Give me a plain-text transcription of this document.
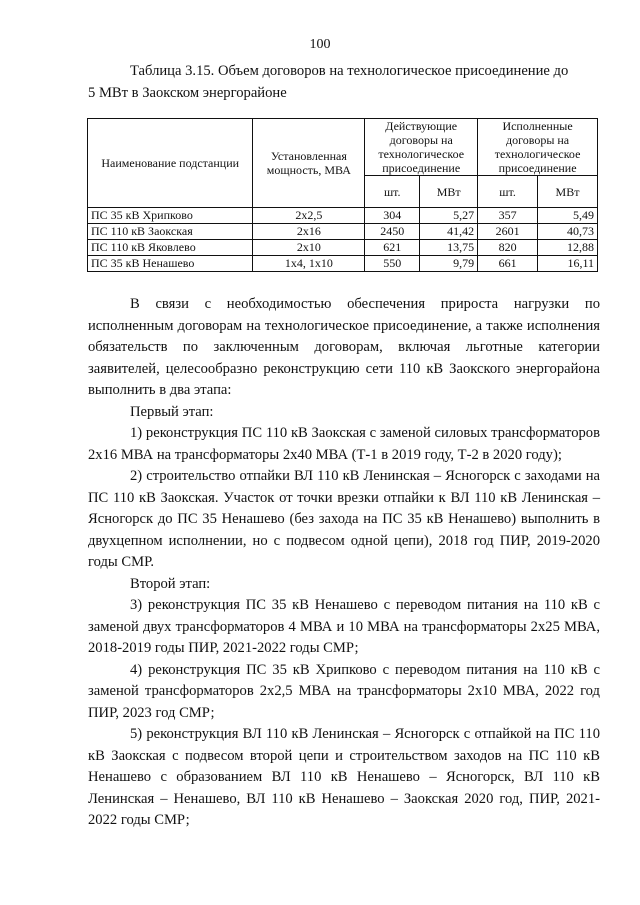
100
Таблица 3.15. Объем договоров на технологическое присоединение до
5 МВт в Заокском энергорайоне
Наименование подстанции	Установленная мощность, МВА	Действующие договоры на технологическое присоединение		Исполненные договоры на технологическое присоединение	
		шт.	МВт	шт.	МВт
ПС 35 кВ Хрипково	2х2,5	304	5,27	357	5,49
ПС 110 кВ Заокская	2х16	2450	41,42	2601	40,73
ПС 110 кВ Яковлево	2х10	621	13,75	820	12,88
ПС 35 кВ Ненашево	1х4, 1х10	550	9,79	661	16,11

В связи с необходимостью обеспечения прироста нагрузки по исполненным договорам на технологическое присоединение, а также исполнения обязательств по заключенным договорам, включая льготные категории заявителей, целесообразно реконструкцию сети 110 кВ Заокского энергорайона выполнить в два этапа:

Первый этап:

1) реконструкция ПС 110 кВ Заокская с заменой силовых трансформаторов 2х16 МВА на трансформаторы 2х40 МВА (Т-1 в 2019 году, Т-2 в 2020 году);

2) строительство отпайки ВЛ 110 кВ Ленинская – Ясногорск с заходами на ПС 110 кВ Заокская. Участок от точки врезки отпайки к ВЛ 110 кВ Ленинская – Ясногорск до ПС 35 Ненашево (без захода на ПС 35 кВ Ненашево) выполнить в двухцепном исполнении, но с подвесом одной цепи), 2018 год ПИР, 2019-2020 годы СМР.

Второй этап:

3) реконструкция ПС 35 кВ Ненашево с переводом питания на 110 кВ с заменой двух трансформаторов 4 МВА и 10 МВА на трансформаторы 2х25 МВА, 2018-2019 годы ПИР, 2021-2022 годы СМР;

4) реконструкция ПС 35 кВ Хрипково с переводом питания на 110 кВ с заменой трансформаторов 2х2,5 МВА на трансформаторы 2х10 МВА, 2022 год ПИР, 2023 год СМР;

5) реконструкция ВЛ 110 кВ Ленинская – Ясногорск с отпайкой на ПС 110 кВ Заокская с подвесом второй цепи и строительством заходов на ПС 110 кВ Ненашево с образованием ВЛ 110 кВ Ненашево – Ясногорск, ВЛ 110 кВ Ленинская – Ненашево, ВЛ 110 кВ Ненашево – Заокская 2020 год, ПИР, 2021-2022 годы СМР;
